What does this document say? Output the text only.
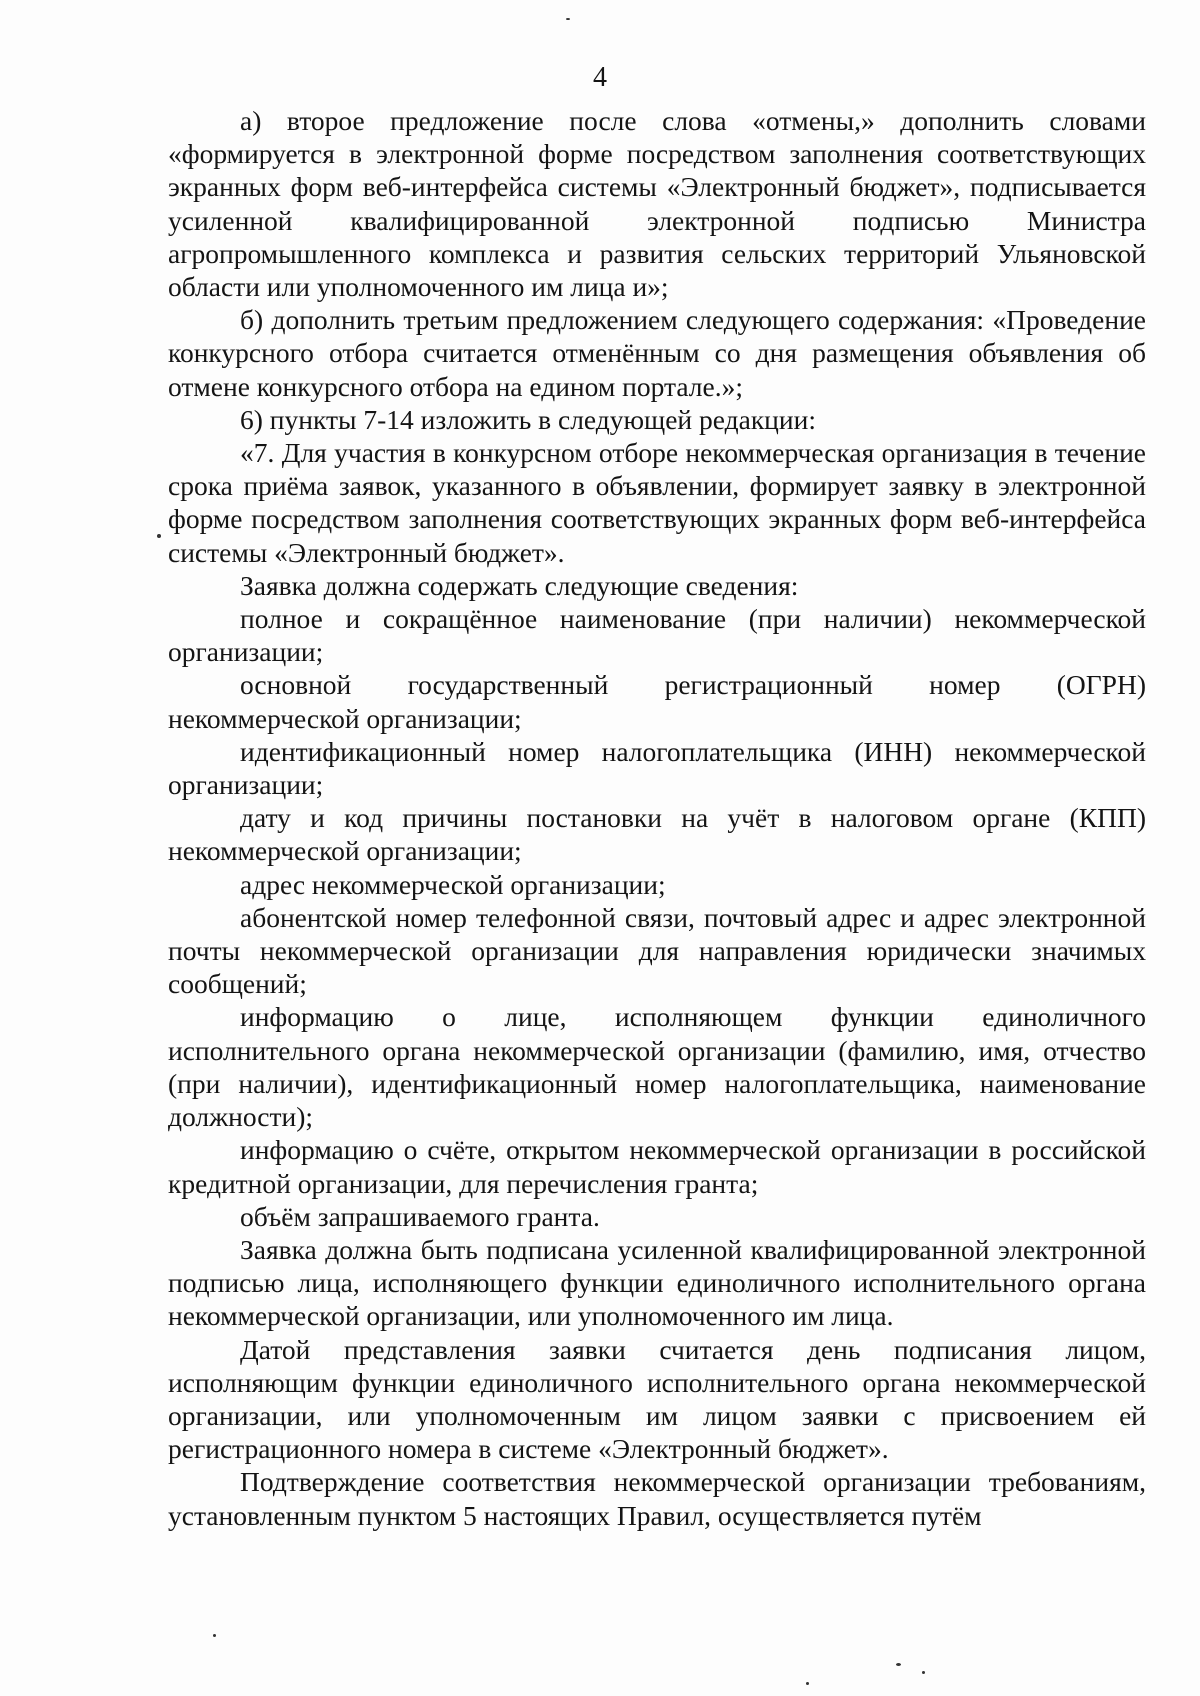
4

а) второе предложение после слова «отмены,» дополнить словами «формируется в электронной форме посредством заполнения соответствующих экранных форм веб-интерфейса системы «Электронный бюджет», подписывается усиленной квалифицированной электронной подписью Министра агропромышленного комплекса и развития сельских территорий Ульяновской области или уполномоченного им лица и»;

б) дополнить третьим предложением следующего содержания: «Проведение конкурсного отбора считается отменённым со дня размещения объявления об отмене конкурсного отбора на едином портале.»;

6) пункты 7-14 изложить в следующей редакции:

«7. Для участия в конкурсном отборе некоммерческая организация в течение срока приёма заявок, указанного в объявлении, формирует заявку в электронной форме посредством заполнения соответствующих экранных форм веб-интерфейса системы «Электронный бюджет».

Заявка должна содержать следующие сведения:

полное и сокращённое наименование (при наличии) некоммерческой организации;

основной государственный регистрационный номер (ОГРН) некоммерческой организации;

идентификационный номер налогоплательщика (ИНН) некоммерческой организации;

дату и код причины постановки на учёт в налоговом органе (КПП) некоммерческой организации;

адрес некоммерческой организации;

абонентской номер телефонной связи, почтовый адрес и адрес электронной почты некоммерческой организации для направления юридически значимых сообщений;

информацию о лице, исполняющем функции единоличного исполнительного органа некоммерческой организации (фамилию, имя, отчество (при наличии), идентификационный номер налогоплательщика, наименование должности);

информацию о счёте, открытом некоммерческой организации в российской кредитной организации, для перечисления гранта;

объём запрашиваемого гранта.

Заявка должна быть подписана усиленной квалифицированной электронной подписью лица, исполняющего функции единоличного исполнительного органа некоммерческой организации, или уполномоченного им лица.

Датой представления заявки считается день подписания лицом, исполняющим функции единоличного исполнительного органа некоммерческой организации, или уполномоченным им лицом заявки с присвоением ей регистрационного номера в системе «Электронный бюджет».

Подтверждение соответствия некоммерческой организации требованиям, установленным пунктом 5 настоящих Правил, осуществляется путём
